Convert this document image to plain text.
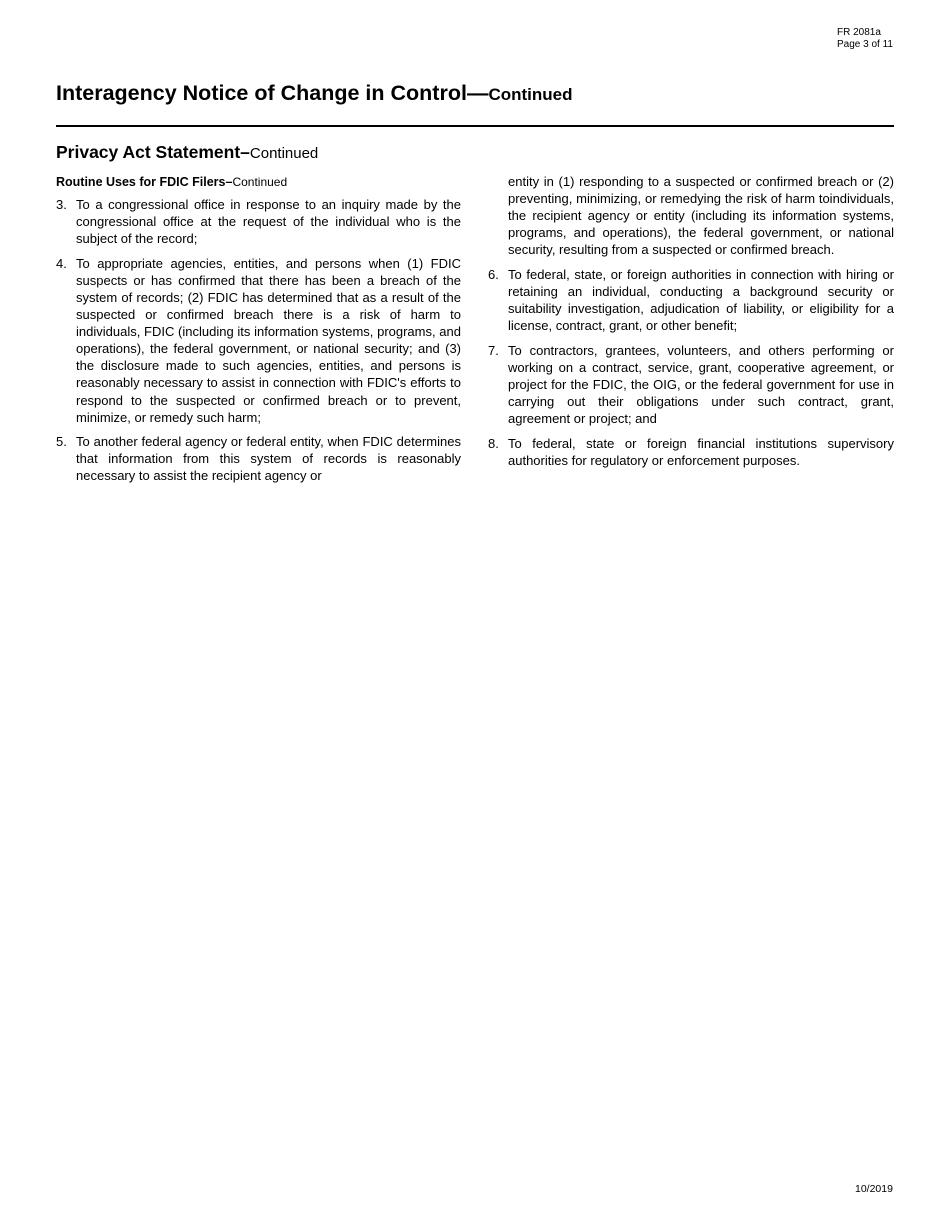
FR 2081a
Page 3 of 11
Interagency Notice of Change in Control—Continued
Privacy Act Statement–Continued
Routine Uses for FDIC Filers–Continued
3. To a congressional office in response to an inquiry made by the congressional office at the request of the individual who is the subject of the record;
4. To appropriate agencies, entities, and persons when (1) FDIC suspects or has confirmed that there has been a breach of the system of records; (2) FDIC has determined that as a result of the suspected or confirmed breach there is a risk of harm to individuals, FDIC (including its information systems, programs, and operations), the federal government, or national security; and (3) the disclosure made to such agencies, entities, and persons is reasonably necessary to assist in connection with FDIC's efforts to respond to the suspected or confirmed breach or to prevent, minimize, or remedy such harm;
5. To another federal agency or federal entity, when FDIC determines that information from this system of records is reasonably necessary to assist the recipient agency or

entity in (1) responding to a suspected or confirmed breach or (2) preventing, minimizing, or remedying the risk of harm toindividuals, the recipient agency or entity (including its information systems, programs, and operations), the federal government, or national security, resulting from a suspected or confirmed breach.

6. To federal, state, or foreign authorities in connection with hiring or retaining an individual, conducting a background security or suitability investigation, adjudication of liability, or eligibility for a license, contract, grant, or other benefit;
7. To contractors, grantees, volunteers, and others performing or working on a contract, service, grant, cooperative agreement, or project for the FDIC, the OIG, or the federal government for use in carrying out their obligations under such contract, grant, agreement or project; and
8. To federal, state or foreign financial institutions supervisory authorities for regulatory or enforcement purposes.
10/2019
